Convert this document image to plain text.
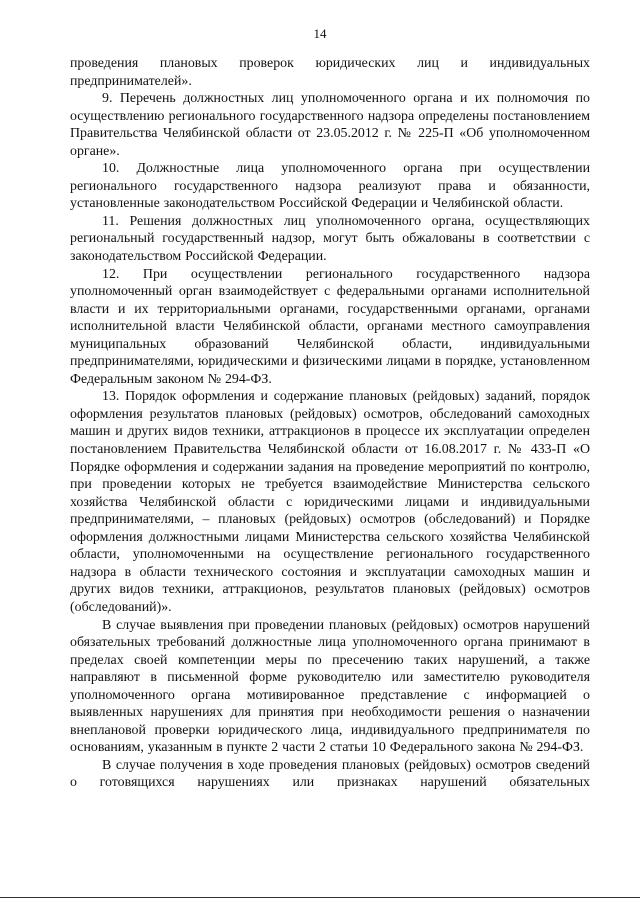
14

проведения плановых проверок юридических лиц и индивидуальных предпринимателей».

9. Перечень должностных лиц уполномоченного органа и их полномочия по осуществлению регионального государственного надзора определены постановлением Правительства Челябинской области от 23.05.2012 г. № 225-П «Об уполномоченном органе».

10. Должностные лица уполномоченного органа при осуществлении регионального государственного надзора реализуют права и обязанности, установленные законодательством Российской Федерации и Челябинской области.

11. Решения должностных лиц уполномоченного органа, осуществляющих региональный государственный надзор, могут быть обжалованы в соответствии с законодательством Российской Федерации.

12. При осуществлении регионального государственного надзора уполномоченный орган взаимодействует с федеральными органами исполнительной власти и их территориальными органами, государственными органами, органами исполнительной власти Челябинской области, органами местного самоуправления муниципальных образований Челябинской области, индивидуальными предпринимателями, юридическими и физическими лицами в порядке, установленном Федеральным законом № 294-ФЗ.

13. Порядок оформления и содержание плановых (рейдовых) заданий, порядок оформления результатов плановых (рейдовых) осмотров, обследований самоходных машин и других видов техники, аттракционов в процессе их эксплуатации определен постановлением Правительства Челябинской области от 16.08.2017 г. № 433-П «О Порядке оформления и содержании задания на проведение мероприятий по контролю, при проведении которых не требуется взаимодействие Министерства сельского хозяйства Челябинской области с юридическими лицами и индивидуальными предпринимателями, – плановых (рейдовых) осмотров (обследований) и Порядке оформления должностными лицами Министерства сельского хозяйства Челябинской области, уполномоченными на осуществление регионального государственного надзора в области технического состояния и эксплуатации самоходных машин и других видов техники, аттракционов, результатов плановых (рейдовых) осмотров (обследований)».

В случае выявления при проведении плановых (рейдовых) осмотров нарушений обязательных требований должностные лица уполномоченного органа принимают в пределах своей компетенции меры по пресечению таких нарушений, а также направляют в письменной форме руководителю или заместителю руководителя уполномоченного органа мотивированное представление с информацией о выявленных нарушениях для принятия при необходимости решения о назначении внеплановой проверки юридического лица, индивидуального предпринимателя по основаниям, указанным в пункте 2 части 2 статьи 10 Федерального закона № 294-ФЗ.

В случае получения в ходе проведения плановых (рейдовых) осмотров сведений о готовящихся нарушениях или признаках нарушений обязательных
